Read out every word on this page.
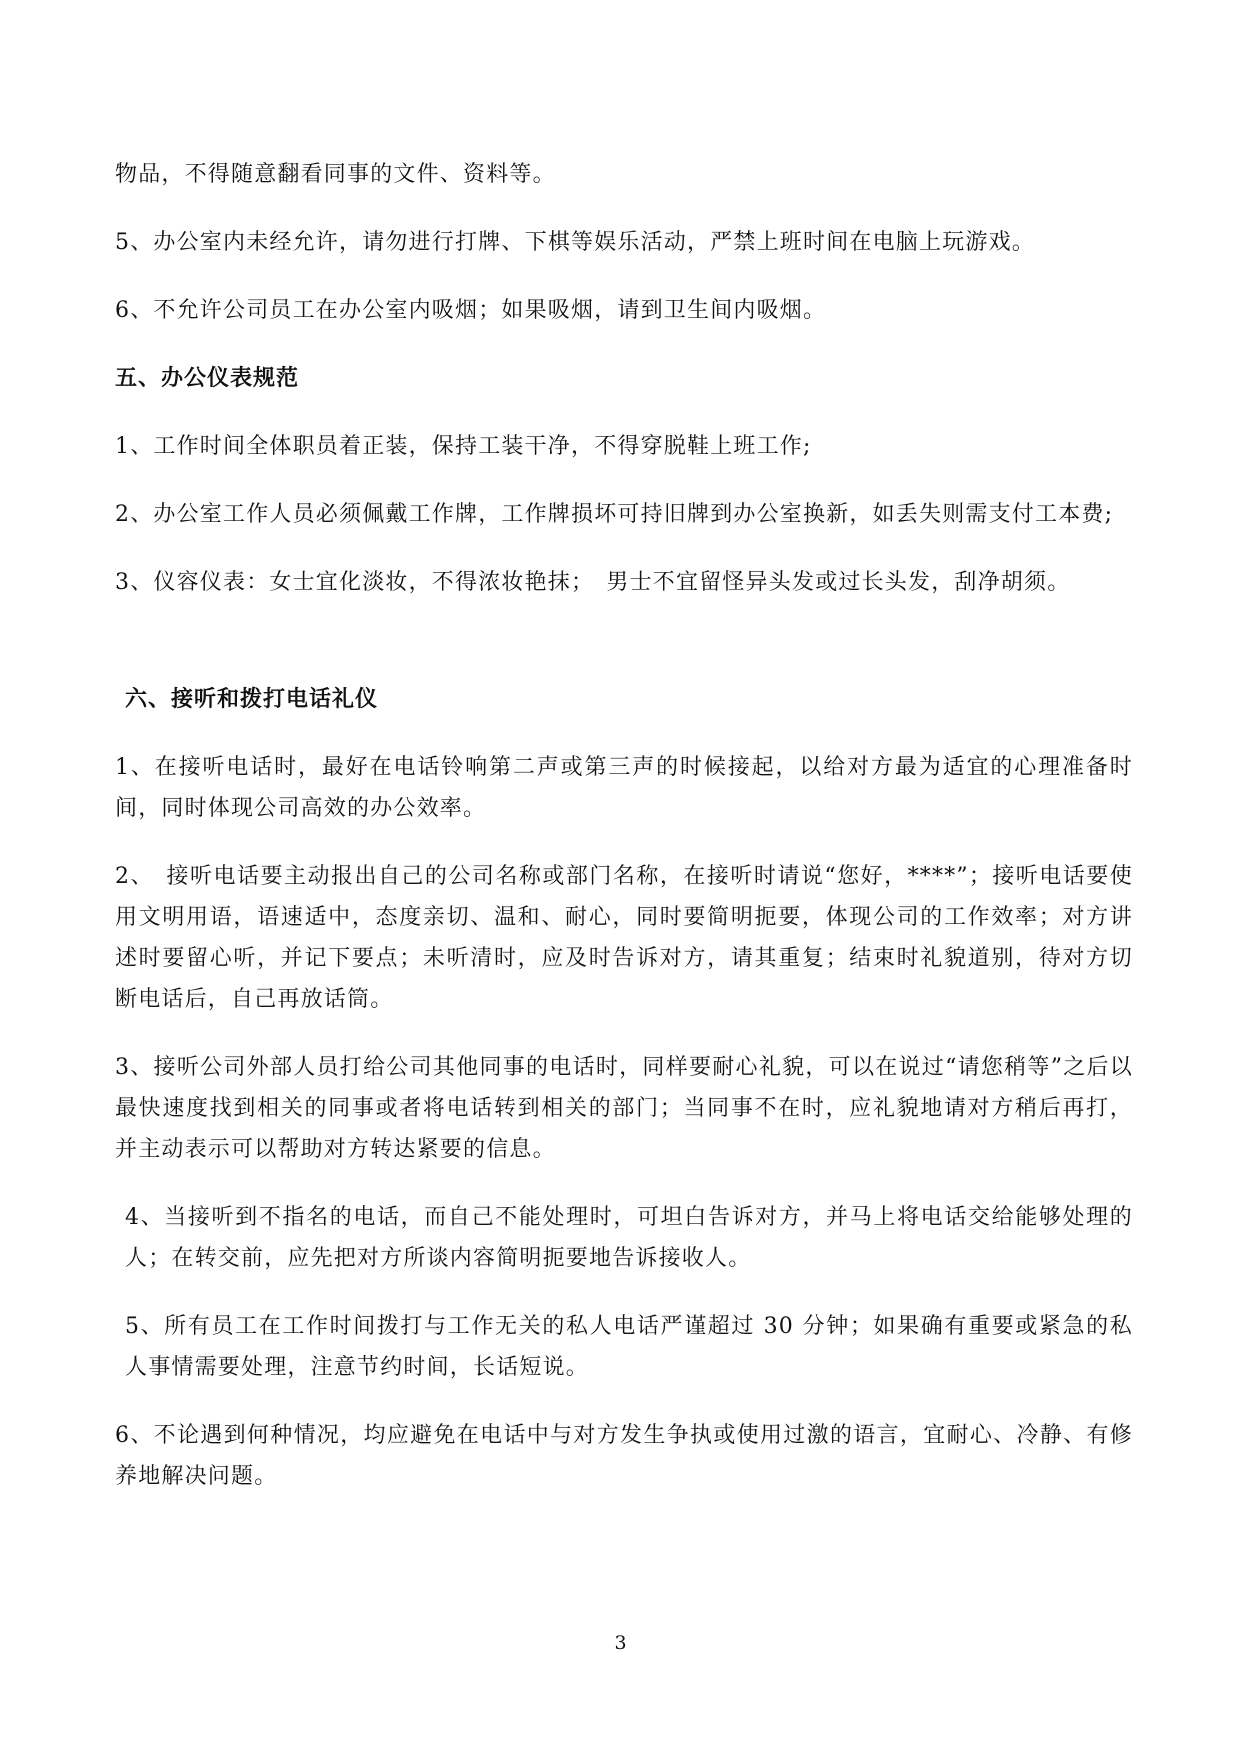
物品，不得随意翻看同事的文件、资料等。

5、办公室内未经允许，请勿进行打牌、下棋等娱乐活动，严禁上班时间在电脑上玩游戏。

6、不允许公司员工在办公室内吸烟；如果吸烟，请到卫生间内吸烟。

五、办公仪表规范

1、工作时间全体职员着正装，保持工装干净，不得穿脱鞋上班工作;

2、办公室工作人员必须佩戴工作牌，工作牌损坏可持旧牌到办公室换新，如丢失则需支付工本费;

3、仪容仪表：女士宜化淡妆，不得浓妆艳抹；　男士不宜留怪异头发或过长头发，刮净胡须。

六、接听和拨打电话礼仪

1、在接听电话时，最好在电话铃响第二声或第三声的时候接起，以给对方最为适宜的心理准备时间，同时体现公司高效的办公效率。

2、　接听电话要主动报出自己的公司名称或部门名称，在接听时请说“您好，****”；接听电话要使用文明用语，语速适中，态度亲切、温和、耐心，同时要简明扼要，体现公司的工作效率；对方讲述时要留心听，并记下要点；未听清时，应及时告诉对方，请其重复；结束时礼貌道别，待对方切断电话后，自己再放话筒。

3、接听公司外部人员打给公司其他同事的电话时，同样要耐心礼貌，可以在说过“请您稍等”之后以最快速度找到相关的同事或者将电话转到相关的部门；当同事不在时，应礼貌地请对方稍后再打，并主动表示可以帮助对方转达紧要的信息。

4、当接听到不指名的电话，而自己不能处理时，可坦白告诉对方，并马上将电话交给能够处理的人；在转交前，应先把对方所谈内容简明扼要地告诉接收人。

5、所有员工在工作时间拨打与工作无关的私人电话严谨超过 30 分钟；如果确有重要或紧急的私人事情需要处理，注意节约时间，长话短说。

6、不论遇到何种情况，均应避免在电话中与对方发生争执或使用过激的语言，宜耐心、冷静、有修养地解决问题。

3
